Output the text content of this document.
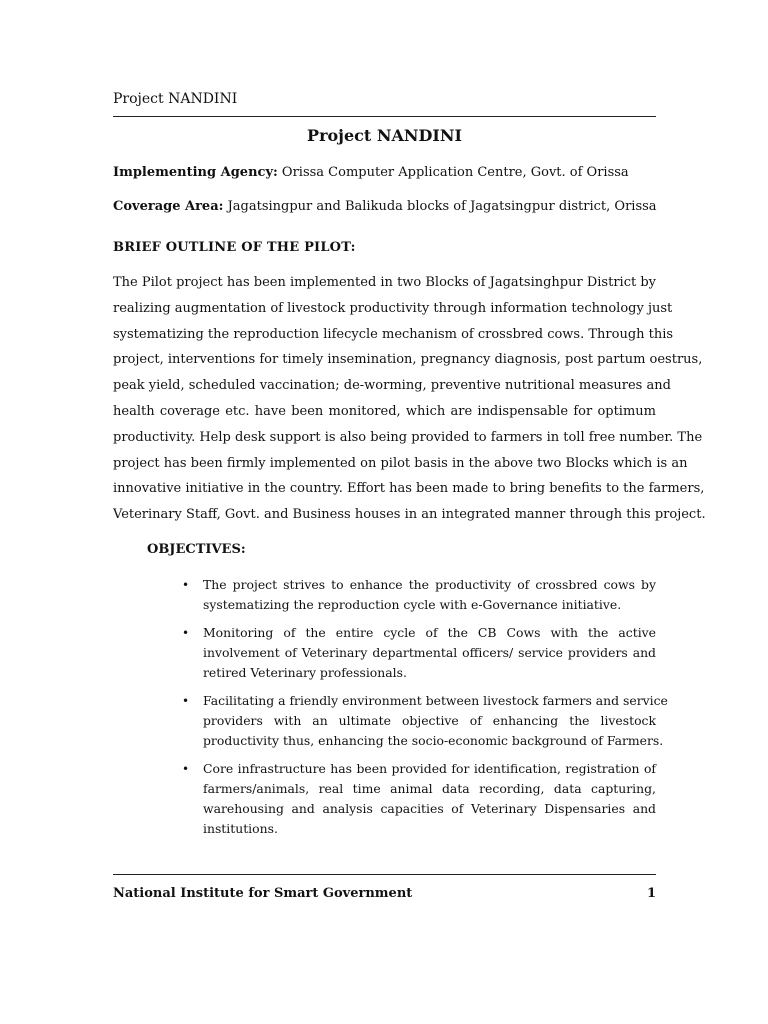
Project NANDINI
Project NANDINI
Implementing Agency: Orissa Computer Application Centre, Govt. of Orissa
Coverage Area: Jagatsingpur and Balikuda blocks of Jagatsingpur district, Orissa
BRIEF OUTLINE OF THE PILOT:
The Pilot project has been implemented in two Blocks of Jagatsinghpur District by
realizing augmentation of livestock productivity through information technology just
systematizing the reproduction lifecycle mechanism of crossbred cows. Through this
project, interventions for timely insemination, pregnancy diagnosis, post partum oestrus,
peak yield, scheduled vaccination; de-worming, preventive nutritional measures and
health coverage etc. have been monitored, which are indispensable for optimum
productivity. Help desk support is also being provided to farmers in toll free number. The
project has been firmly implemented on pilot basis in the above two Blocks which is an
innovative initiative in the country. Effort has been made to bring benefits to the farmers,
Veterinary Staff, Govt. and Business houses in an integrated manner through this project.
OBJECTIVES:
• The project strives to enhance the productivity of crossbred cows by
systematizing the reproduction cycle with e-Governance initiative.
• Monitoring of the entire cycle of the CB Cows with the active
involvement of Veterinary departmental officers/ service providers and
retired Veterinary professionals.
• Facilitating a friendly environment between livestock farmers and service
providers with an ultimate objective of enhancing the livestock
productivity thus, enhancing the socio-economic background of Farmers.
• Core infrastructure has been provided for identification, registration of
farmers/animals, real time animal data recording, data capturing,
warehousing and analysis capacities of Veterinary Dispensaries and
institutions.
National Institute for Smart Government	1
